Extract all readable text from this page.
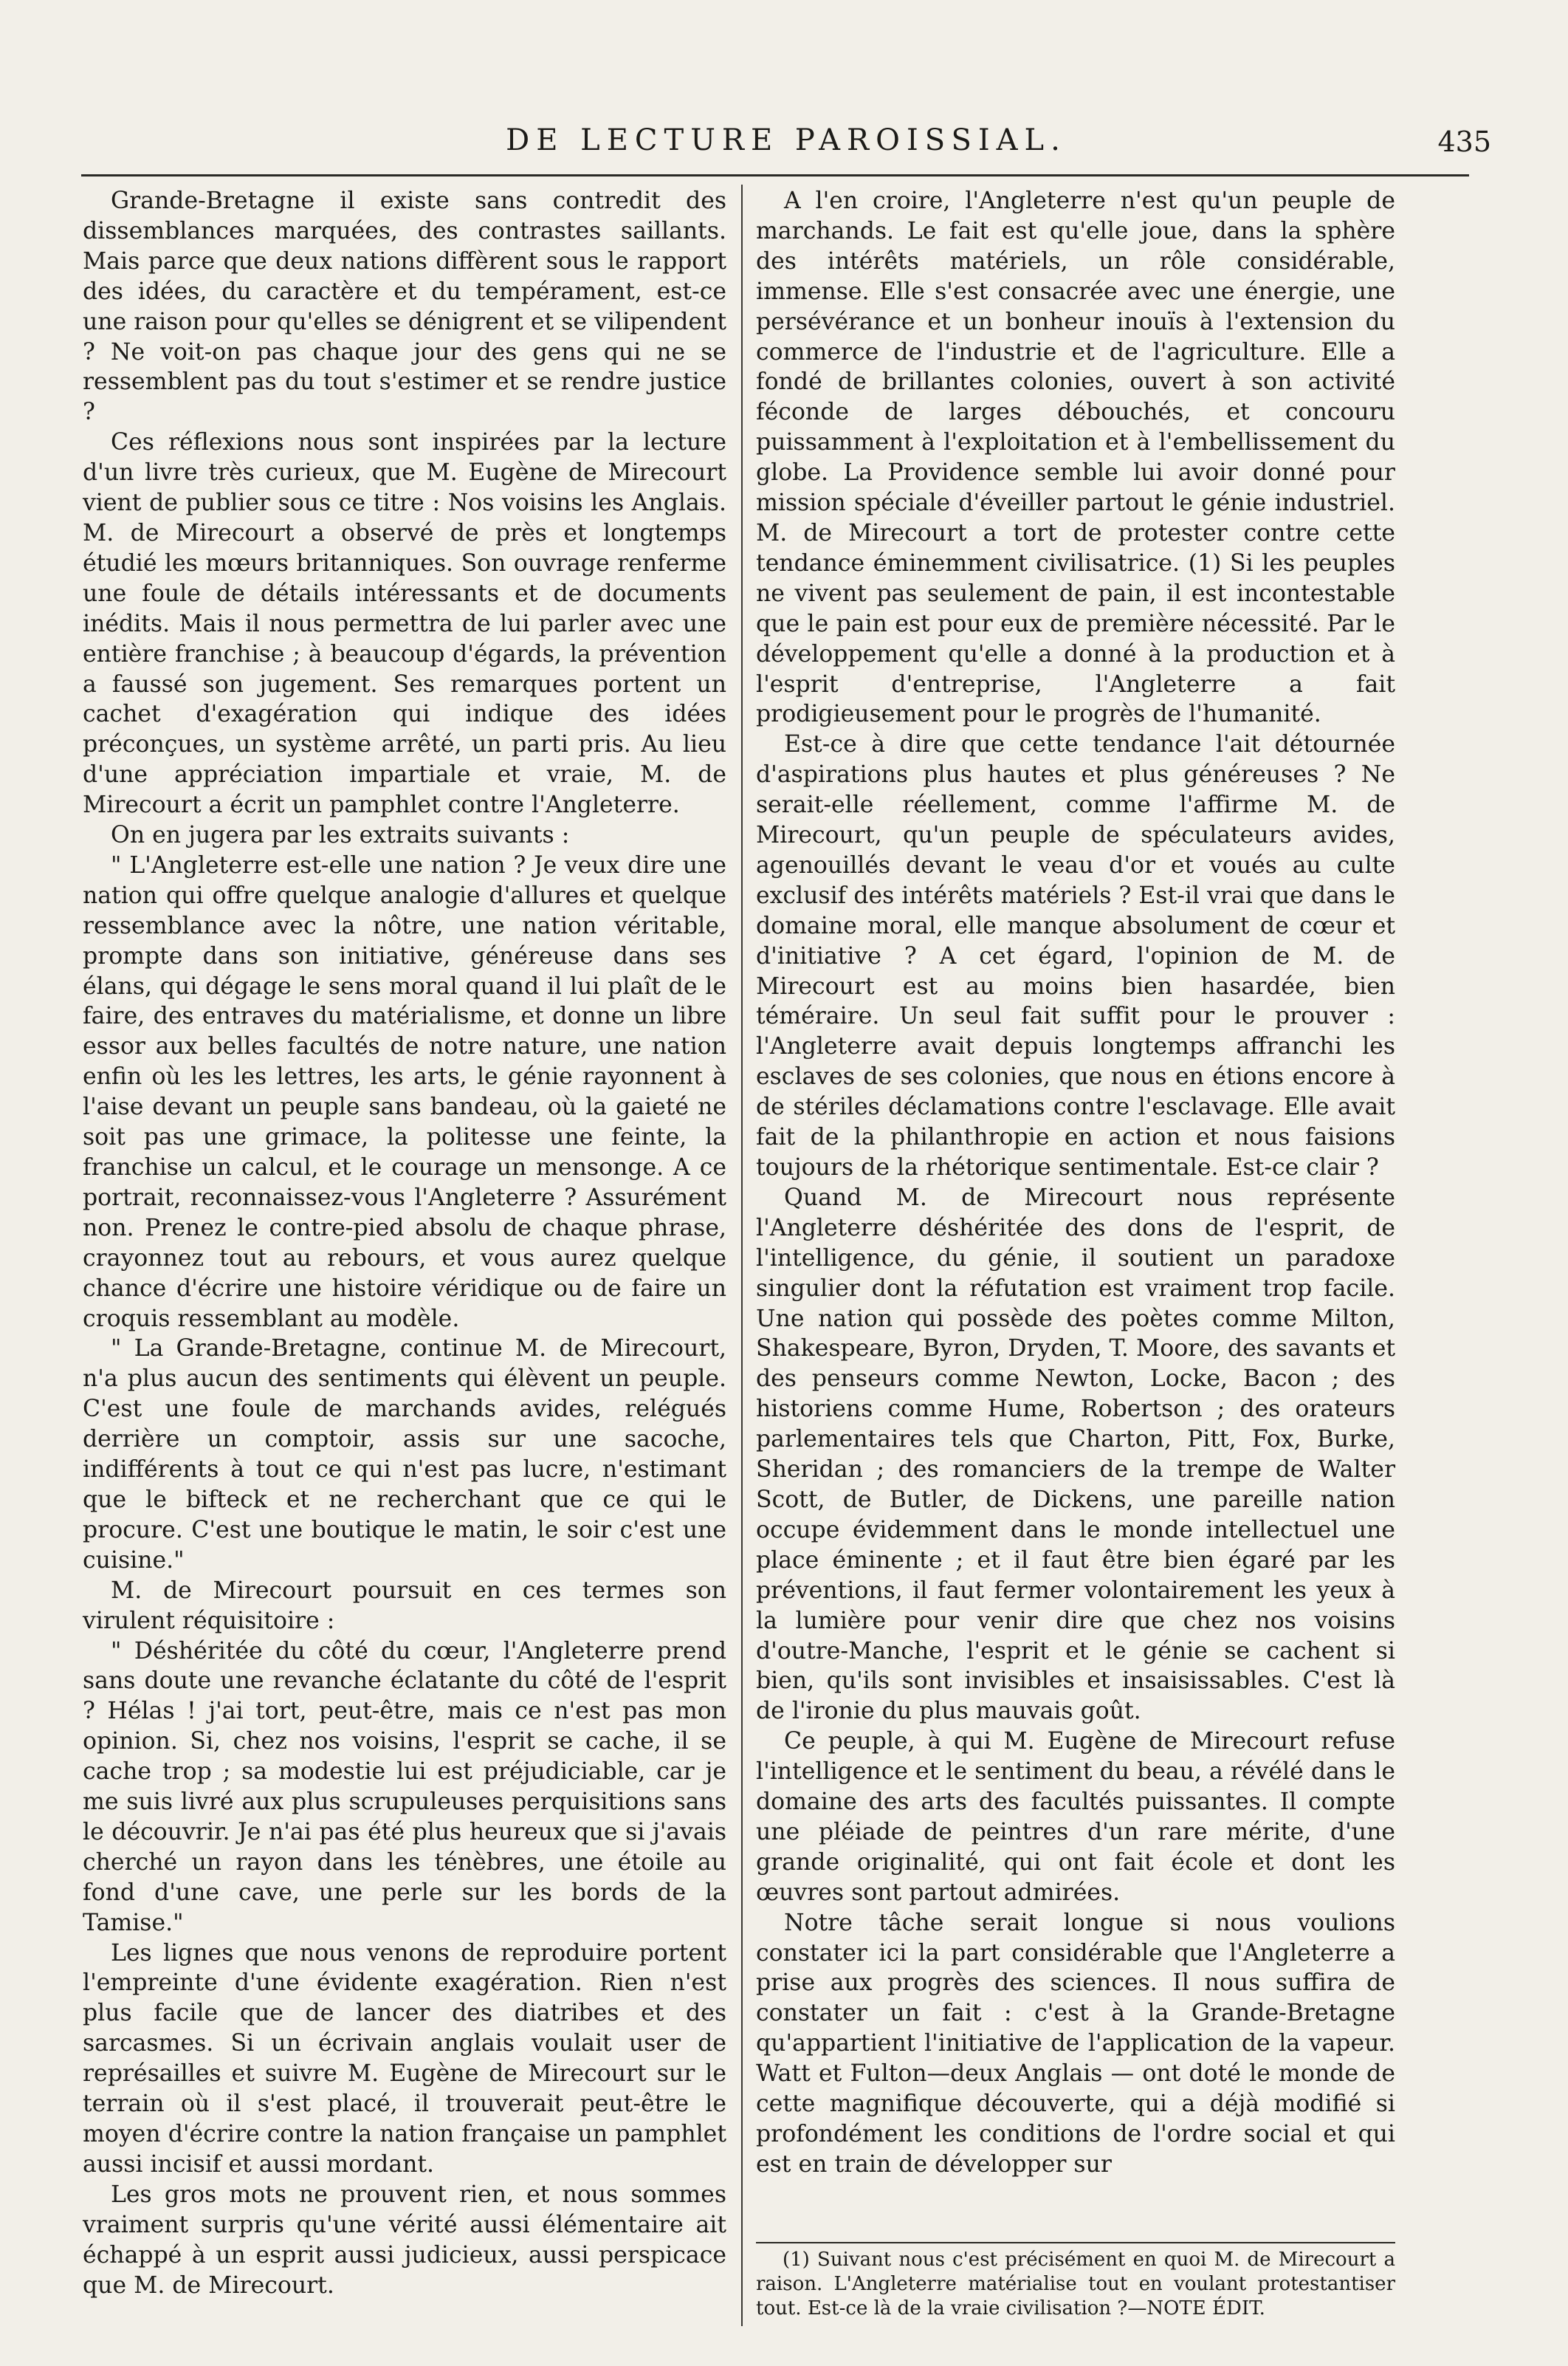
DE LECTURE PAROISSIAL.	435

Grande-Bretagne il existe sans contredit des dissemblances marquées, des contrastes saillants. Mais parce que deux nations diffèrent sous le rapport des idées, du caractère et du tempérament, est-ce une raison pour qu'elles se dénigrent et se vilipendent ? Ne voit-on pas chaque jour des gens qui ne se ressemblent pas du tout s'estimer et se rendre justice ?

Ces réflexions nous sont inspirées par la lecture d'un livre très curieux, que M. Eugène de Mirecourt vient de publier sous ce titre : Nos voisins les Anglais. M. de Mirecourt a observé de près et longtemps étudié les mœurs britanniques. Son ouvrage renferme une foule de détails intéressants et de documents inédits. Mais il nous permettra de lui parler avec une entière franchise ; à beaucoup d'égards, la prévention a faussé son jugement. Ses remarques portent un cachet d'exagération qui indique des idées préconçues, un système arrêté, un parti pris. Au lieu d'une appréciation impartiale et vraie, M. de Mirecourt a écrit un pamphlet contre l'Angleterre.

On en jugera par les extraits suivants :

" L'Angleterre est-elle une nation ? Je veux dire une nation qui offre quelque analogie d'allures et quelque ressemblance avec la nôtre, une nation véritable, prompte dans son initiative, généreuse dans ses élans, qui dégage le sens moral quand il lui plaît de le faire, des entraves du matérialisme, et donne un libre essor aux belles facultés de notre nature, une nation enfin où les les lettres, les arts, le génie rayonnent à l'aise devant un peuple sans bandeau, où la gaieté ne soit pas une grimace, la politesse une feinte, la franchise un calcul, et le courage un mensonge. A ce portrait, reconnaissez-vous l'Angleterre ? Assurément non. Prenez le contre-pied absolu de chaque phrase, crayonnez tout au rebours, et vous aurez quelque chance d'écrire une histoire véridique ou de faire un croquis ressemblant au modèle.

" La Grande-Bretagne, continue M. de Mirecourt, n'a plus aucun des sentiments qui élèvent un peuple. C'est une foule de marchands avides, relégués derrière un comptoir, assis sur une sacoche, indifférents à tout ce qui n'est pas lucre, n'estimant que le bifteck et ne recherchant que ce qui le procure. C'est une boutique le matin, le soir c'est une cuisine."

M. de Mirecourt poursuit en ces termes son virulent réquisitoire :

" Déshéritée du côté du cœur, l'Angleterre prend sans doute une revanche éclatante du côté de l'esprit ? Hélas ! j'ai tort, peut-être, mais ce n'est pas mon opinion. Si, chez nos voisins, l'esprit se cache, il se cache trop ; sa modestie lui est préjudiciable, car je me suis livré aux plus scrupuleuses perquisitions sans le découvrir. Je n'ai pas été plus heureux que si j'avais cherché un rayon dans les ténèbres, une étoile au fond d'une cave, une perle sur les bords de la Tamise."

Les lignes que nous venons de reproduire portent l'empreinte d'une évidente exagération. Rien n'est plus facile que de lancer des diatribes et des sarcasmes. Si un écrivain anglais voulait user de représailles et suivre M. Eugène de Mirecourt sur le terrain où il s'est placé, il trouverait peut-être le moyen d'écrire contre la nation française un pamphlet aussi incisif et aussi mordant.

Les gros mots ne prouvent rien, et nous sommes vraiment surpris qu'une vérité aussi élémentaire ait échappé à un esprit aussi judicieux, aussi perspicace que M. de Mirecourt.

A l'en croire, l'Angleterre n'est qu'un peuple de marchands. Le fait est qu'elle joue, dans la sphère des intérêts matériels, un rôle considérable, immense. Elle s'est consacrée avec une énergie, une persévérance et un bonheur inouïs à l'extension du commerce de l'industrie et de l'agriculture. Elle a fondé de brillantes colonies, ouvert à son activité féconde de larges débouchés, et concouru puissamment à l'exploitation et à l'embellissement du globe. La Providence semble lui avoir donné pour mission spéciale d'éveiller partout le génie industriel. M. de Mirecourt a tort de protester contre cette tendance éminemment civilisatrice. (1) Si les peuples ne vivent pas seulement de pain, il est incontestable que le pain est pour eux de première nécessité. Par le développement qu'elle a donné à la production et à l'esprit d'entreprise, l'Angleterre a fait prodigieusement pour le progrès de l'humanité.

Est-ce à dire que cette tendance l'ait détournée d'aspirations plus hautes et plus généreuses ? Ne serait-elle réellement, comme l'affirme M. de Mirecourt, qu'un peuple de spéculateurs avides, agenouillés devant le veau d'or et voués au culte exclusif des intérêts matériels ? Est-il vrai que dans le domaine moral, elle manque absolument de cœur et d'initiative ? A cet égard, l'opinion de M. de Mirecourt est au moins bien hasardée, bien téméraire. Un seul fait suffit pour le prouver : l'Angleterre avait depuis longtemps affranchi les esclaves de ses colonies, que nous en étions encore à de stériles déclamations contre l'esclavage. Elle avait fait de la philanthropie en action et nous faisions toujours de la rhétorique sentimentale. Est-ce clair ?

Quand M. de Mirecourt nous représente l'Angleterre déshéritée des dons de l'esprit, de l'intelligence, du génie, il soutient un paradoxe singulier dont la réfutation est vraiment trop facile. Une nation qui possède des poètes comme Milton, Shakespeare, Byron, Dryden, T. Moore, des savants et des penseurs comme Newton, Locke, Bacon ; des historiens comme Hume, Robertson ; des orateurs parlementaires tels que Charton, Pitt, Fox, Burke, Sheridan ; des romanciers de la trempe de Walter Scott, de Butler, de Dickens, une pareille nation occupe évidemment dans le monde intellectuel une place éminente ; et il faut être bien égaré par les préventions, il faut fermer volontairement les yeux à la lumière pour venir dire que chez nos voisins d'outre-Manche, l'esprit et le génie se cachent si bien, qu'ils sont invisibles et insaisissables. C'est là de l'ironie du plus mauvais goût.

Ce peuple, à qui M. Eugène de Mirecourt refuse l'intelligence et le sentiment du beau, a révélé dans le domaine des arts des facultés puissantes. Il compte une pléiade de peintres d'un rare mérite, d'une grande originalité, qui ont fait école et dont les œuvres sont partout admirées.

Notre tâche serait longue si nous voulions constater ici la part considérable que l'Angleterre a prise aux progrès des sciences. Il nous suffira de constater un fait : c'est à la Grande-Bretagne qu'appartient l'initiative de l'application de la vapeur. Watt et Fulton—deux Anglais — ont doté le monde de cette magnifique découverte, qui a déjà modifié si profondément les conditions de l'ordre social et qui est en train de développer sur

(1) Suivant nous c'est précisément en quoi M. de Mirecourt a raison. L'Angleterre matérialise tout en voulant protestantiser tout. Est-ce là de la vraie civilisation ?—NOTE ÉDIT.
